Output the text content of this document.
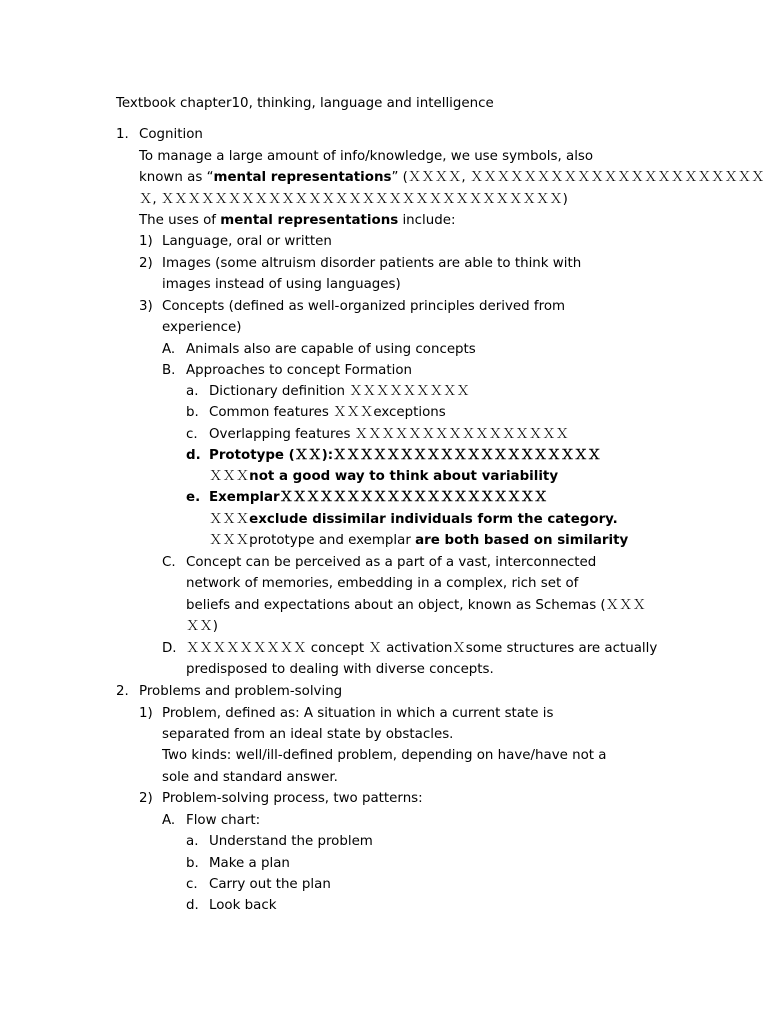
Textbook chapter10, thinking, language and intelligence
1. Cognition
To manage a large amount of info/knowledge, we use symbols, also
known as “mental representations” (ＸＸＸＸ, ＸＸＸＸＸＸＸＸＸＸＸＸＸＸＸＸＸＸＸＸＸＸ
Ｘ, ＸＸＸＸＸＸＸＸＸＸＸＸＸＸＸＸＸＸＸＸＸＸＸＸＸＸＸＸＸＸ)
The uses of mental representations include:
1) Language, oral or written
2) Images (some altruism disorder patients are able to think with
images instead of using languages)
3) Concepts (defined as well-organized principles derived from
experience)
A. Animals also are capable of using concepts
B. Approaches to concept Formation
a. Dictionary definition ＸＸＸＸＸＸＸＸＸ
b. Common features ＸＸＸexceptions
c. Overlapping features ＸＸＸＸＸＸＸＸＸＸＸＸＸＸＸＸ
d. Prototype (ＸＸ):ＸＸＸＸＸＸＸＸＸＸＸＸＸＸＸＸＸＸＸＸ
ＸＸＸnot a good way to think about variability
e. ExemplarＸＸＸＸＸＸＸＸＸＸＸＸＸＸＸＸＸＸＸＸ
ＸＸＸexclude dissimilar individuals form the category.
ＸＸＸprototype and exemplar are both based on similarity
C. Concept can be perceived as a part of a vast, interconnected
network of memories, embedding in a complex, rich set of
beliefs and expectations about an object, known as Schemas (ＸＸＸ
ＸＸ)
D. ＸＸＸＸＸＸＸＸＸ concept Ｘ activationＸsome structures are actually
predisposed to dealing with diverse concepts.
2. Problems and problem-solving
1) Problem, defined as: A situation in which a current state is
separated from an ideal state by obstacles.
Two kinds: well/ill-defined problem, depending on have/have not a
sole and standard answer.
2) Problem-solving process, two patterns:
A. Flow chart:
a. Understand the problem
b. Make a plan
c. Carry out the plan
d. Look back
